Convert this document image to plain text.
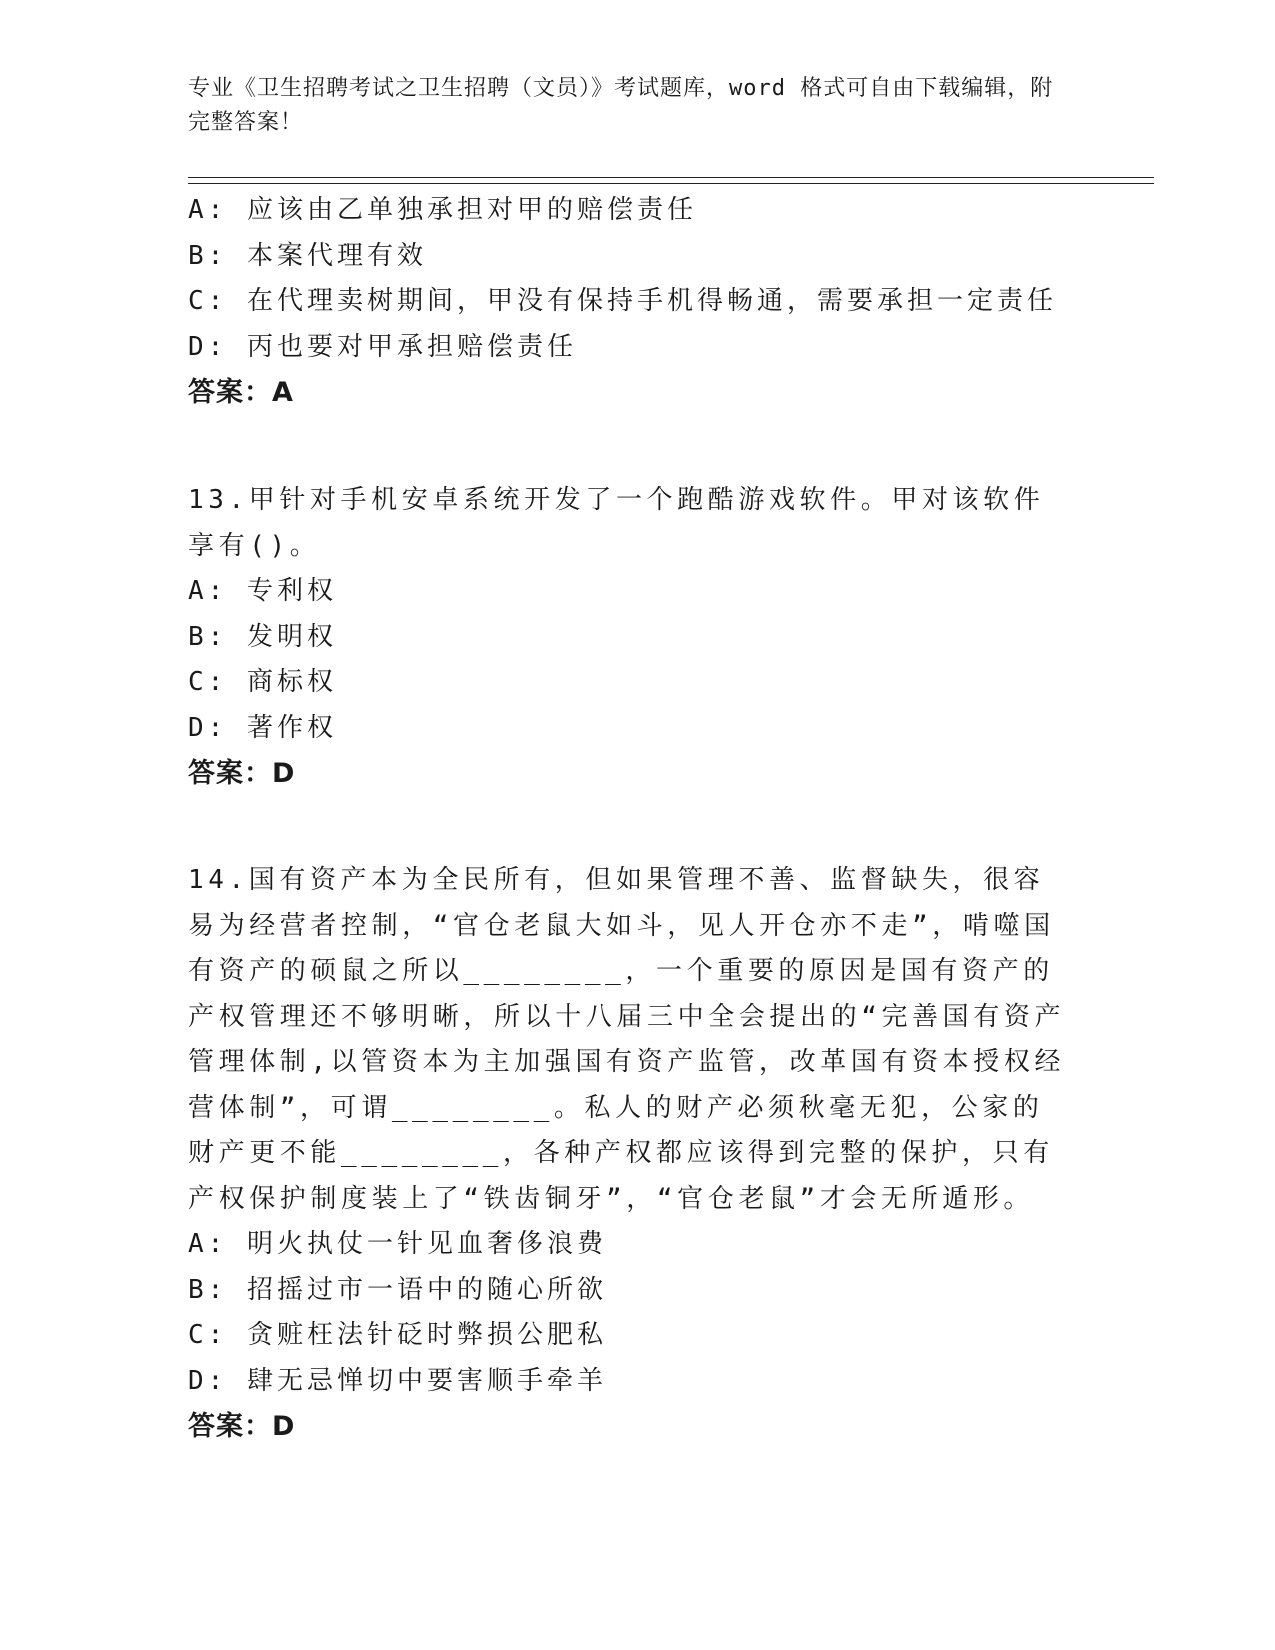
专业《卫生招聘考试之卫生招聘（文员）》考试题库，word 格式可自由下载编辑，附完整答案！
A: 应该由乙单独承担对甲的赔偿责任
B: 本案代理有效
C: 在代理卖树期间，甲没有保持手机得畅通，需要承担一定责任
D: 丙也要对甲承担赔偿责任
答案：A
13.甲针对手机安卓系统开发了一个跑酷游戏软件。甲对该软件享有()。
A: 专利权
B: 发明权
C: 商标权
D: 著作权
答案：D
14.国有资产本为全民所有，但如果管理不善、监督缺失，很容易为经营者控制，“官仓老鼠大如斗，见人开仓亦不走”，啃噬国有资产的硕鼠之所以________，一个重要的原因是国有资产的产权管理还不够明晰，所以十八届三中全会提出的“完善国有资产管理体制,以管资本为主加强国有资产监管，改革国有资本授权经营体制”，可谓________。私人的财产必须秋毫无犯，公家的财产更不能________，各种产权都应该得到完整的保护，只有产权保护制度装上了“铁齿铜牙”，“官仓老鼠”才会无所遁形。
A: 明火执仗一针见血奢侈浪费
B: 招摇过市一语中的随心所欲
C: 贪赃枉法针砭时弊损公肥私
D: 肆无忌惮切中要害顺手牵羊
答案：D
